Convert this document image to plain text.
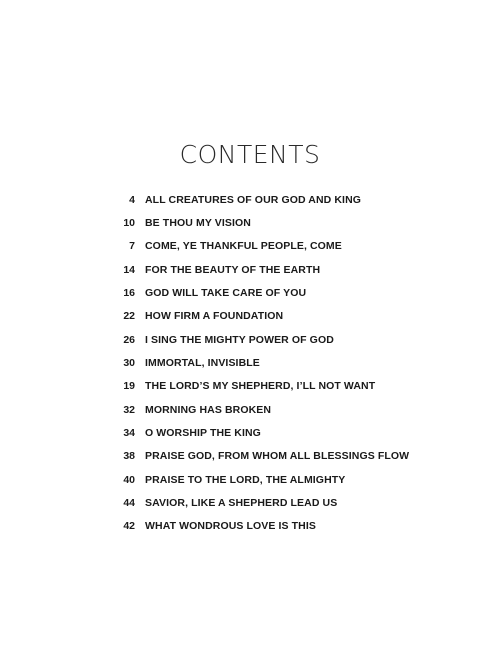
CONTENTS
4 ALL CREATURES OF OUR GOD AND KING
10 BE THOU MY VISION
7 COME, YE THANKFUL PEOPLE, COME
14 FOR THE BEAUTY OF THE EARTH
16 GOD WILL TAKE CARE OF YOU
22 HOW FIRM A FOUNDATION
26 I SING THE MIGHTY POWER OF GOD
30 IMMORTAL, INVISIBLE
19 THE LORD’S MY SHEPHERD, I’LL NOT WANT
32 MORNING HAS BROKEN
34 O WORSHIP THE KING
38 PRAISE GOD, FROM WHOM ALL BLESSINGS FLOW
40 PRAISE TO THE LORD, THE ALMIGHTY
44 SAVIOR, LIKE A SHEPHERD LEAD US
42 WHAT WONDROUS LOVE IS THIS
